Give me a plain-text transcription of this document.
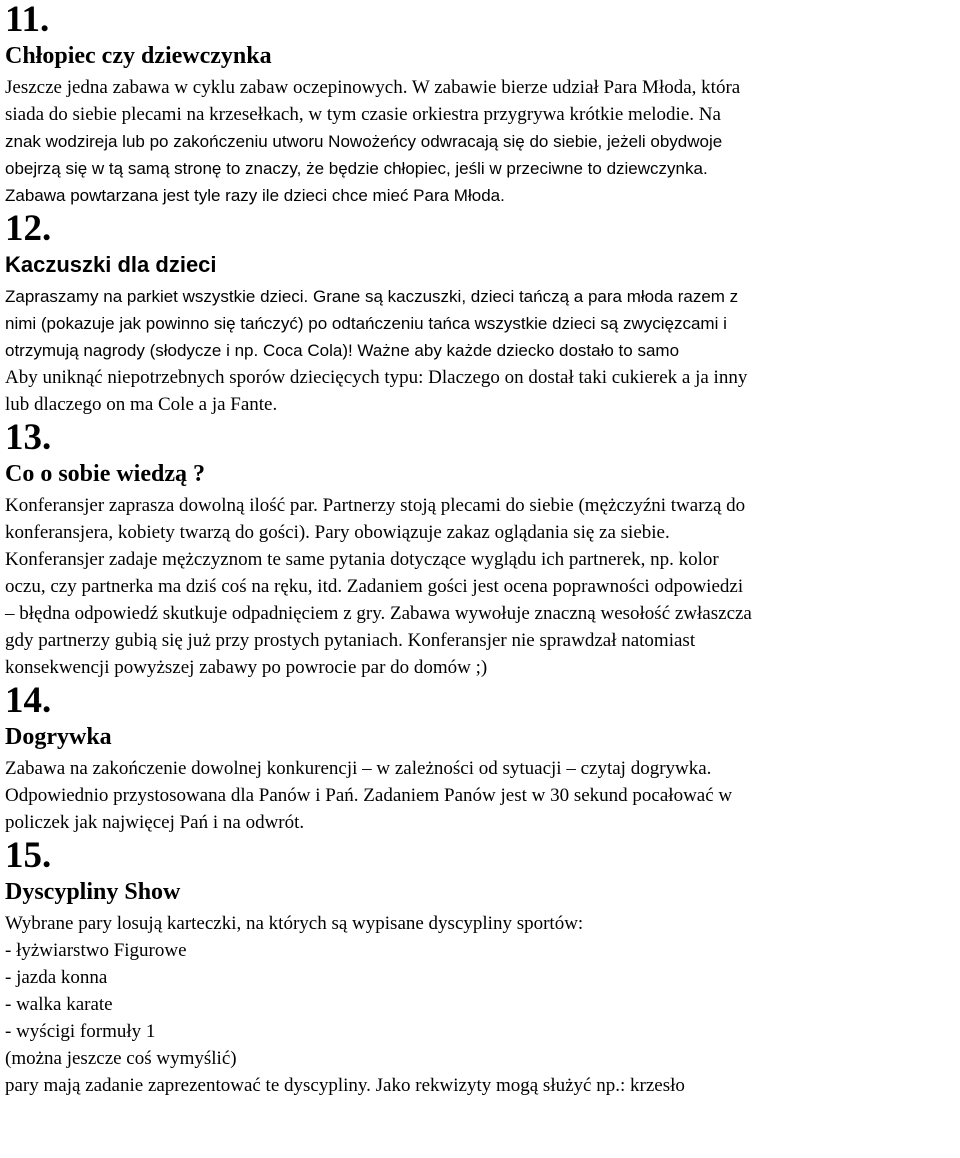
11.
Chłopiec czy dziewczynka
Jeszcze jedna zabawa w cyklu zabaw oczepinowych. W zabawie bierze udział Para Młoda, która
siada do siebie plecami na krzesełkach, w tym czasie orkiestra przygrywa krótkie melodie. Na
znak wodzireja lub po zakończeniu utworu Nowożeńcy odwracają się do siebie, jeżeli obydwoje
obejrzą się w tą samą stronę to znaczy, że będzie chłopiec, jeśli w przeciwne to dziewczynka.
Zabawa powtarzana jest tyle razy ile dzieci chce mieć Para Młoda.
12.
Kaczuszki dla dzieci
Zapraszamy na parkiet wszystkie dzieci. Grane są kaczuszki, dzieci tańczą a para młoda razem z
nimi (pokazuje jak powinno się tańczyć) po odtańczeniu tańca wszystkie dzieci są zwycięzcami i
otrzymują nagrody (słodycze i np. Coca Cola)! Ważne aby każde dziecko dostało to samo
Aby uniknąć niepotrzebnych sporów dziecięcych typu: Dlaczego on dostał taki cukierek a ja inny
lub dlaczego on ma Cole a ja Fante.
13.
Co o sobie wiedzą ?
Konferansjer zaprasza dowolną ilość par. Partnerzy stoją plecami do siebie (mężczyźni twarzą do
konferansjera, kobiety twarzą do gości). Pary obowiązuje zakaz oglądania się za siebie.
Konferansjer zadaje mężczyznom te same pytania dotyczące wyglądu ich partnerek, np. kolor
oczu, czy partnerka ma dziś coś na ręku, itd. Zadaniem gości jest ocena poprawności odpowiedzi
– błędna odpowiedź skutkuje odpadnięciem z gry. Zabawa wywołuje znaczną wesołość zwłaszcza
gdy partnerzy gubią się już przy prostych pytaniach. Konferansjer nie sprawdzał natomiast
konsekwencji powyższej zabawy po powrocie par do domów ;)
14.
Dogrywka
Zabawa na zakończenie dowolnej konkurencji – w zależności od sytuacji – czytaj dogrywka.
Odpowiednio przystosowana dla Panów i Pań. Zadaniem Panów jest w 30 sekund pocałować w
policzek jak najwięcej Pań i na odwrót.
15.
Dyscypliny Show
Wybrane pary losują karteczki, na których są wypisane dyscypliny sportów:
- łyżwiarstwo Figurowe
- jazda konna
- walka karate
- wyścigi formuły 1
(można jeszcze coś wymyślić)
pary mają zadanie zaprezentować te dyscypliny. Jako rekwizyty mogą służyć np.: krzesło
